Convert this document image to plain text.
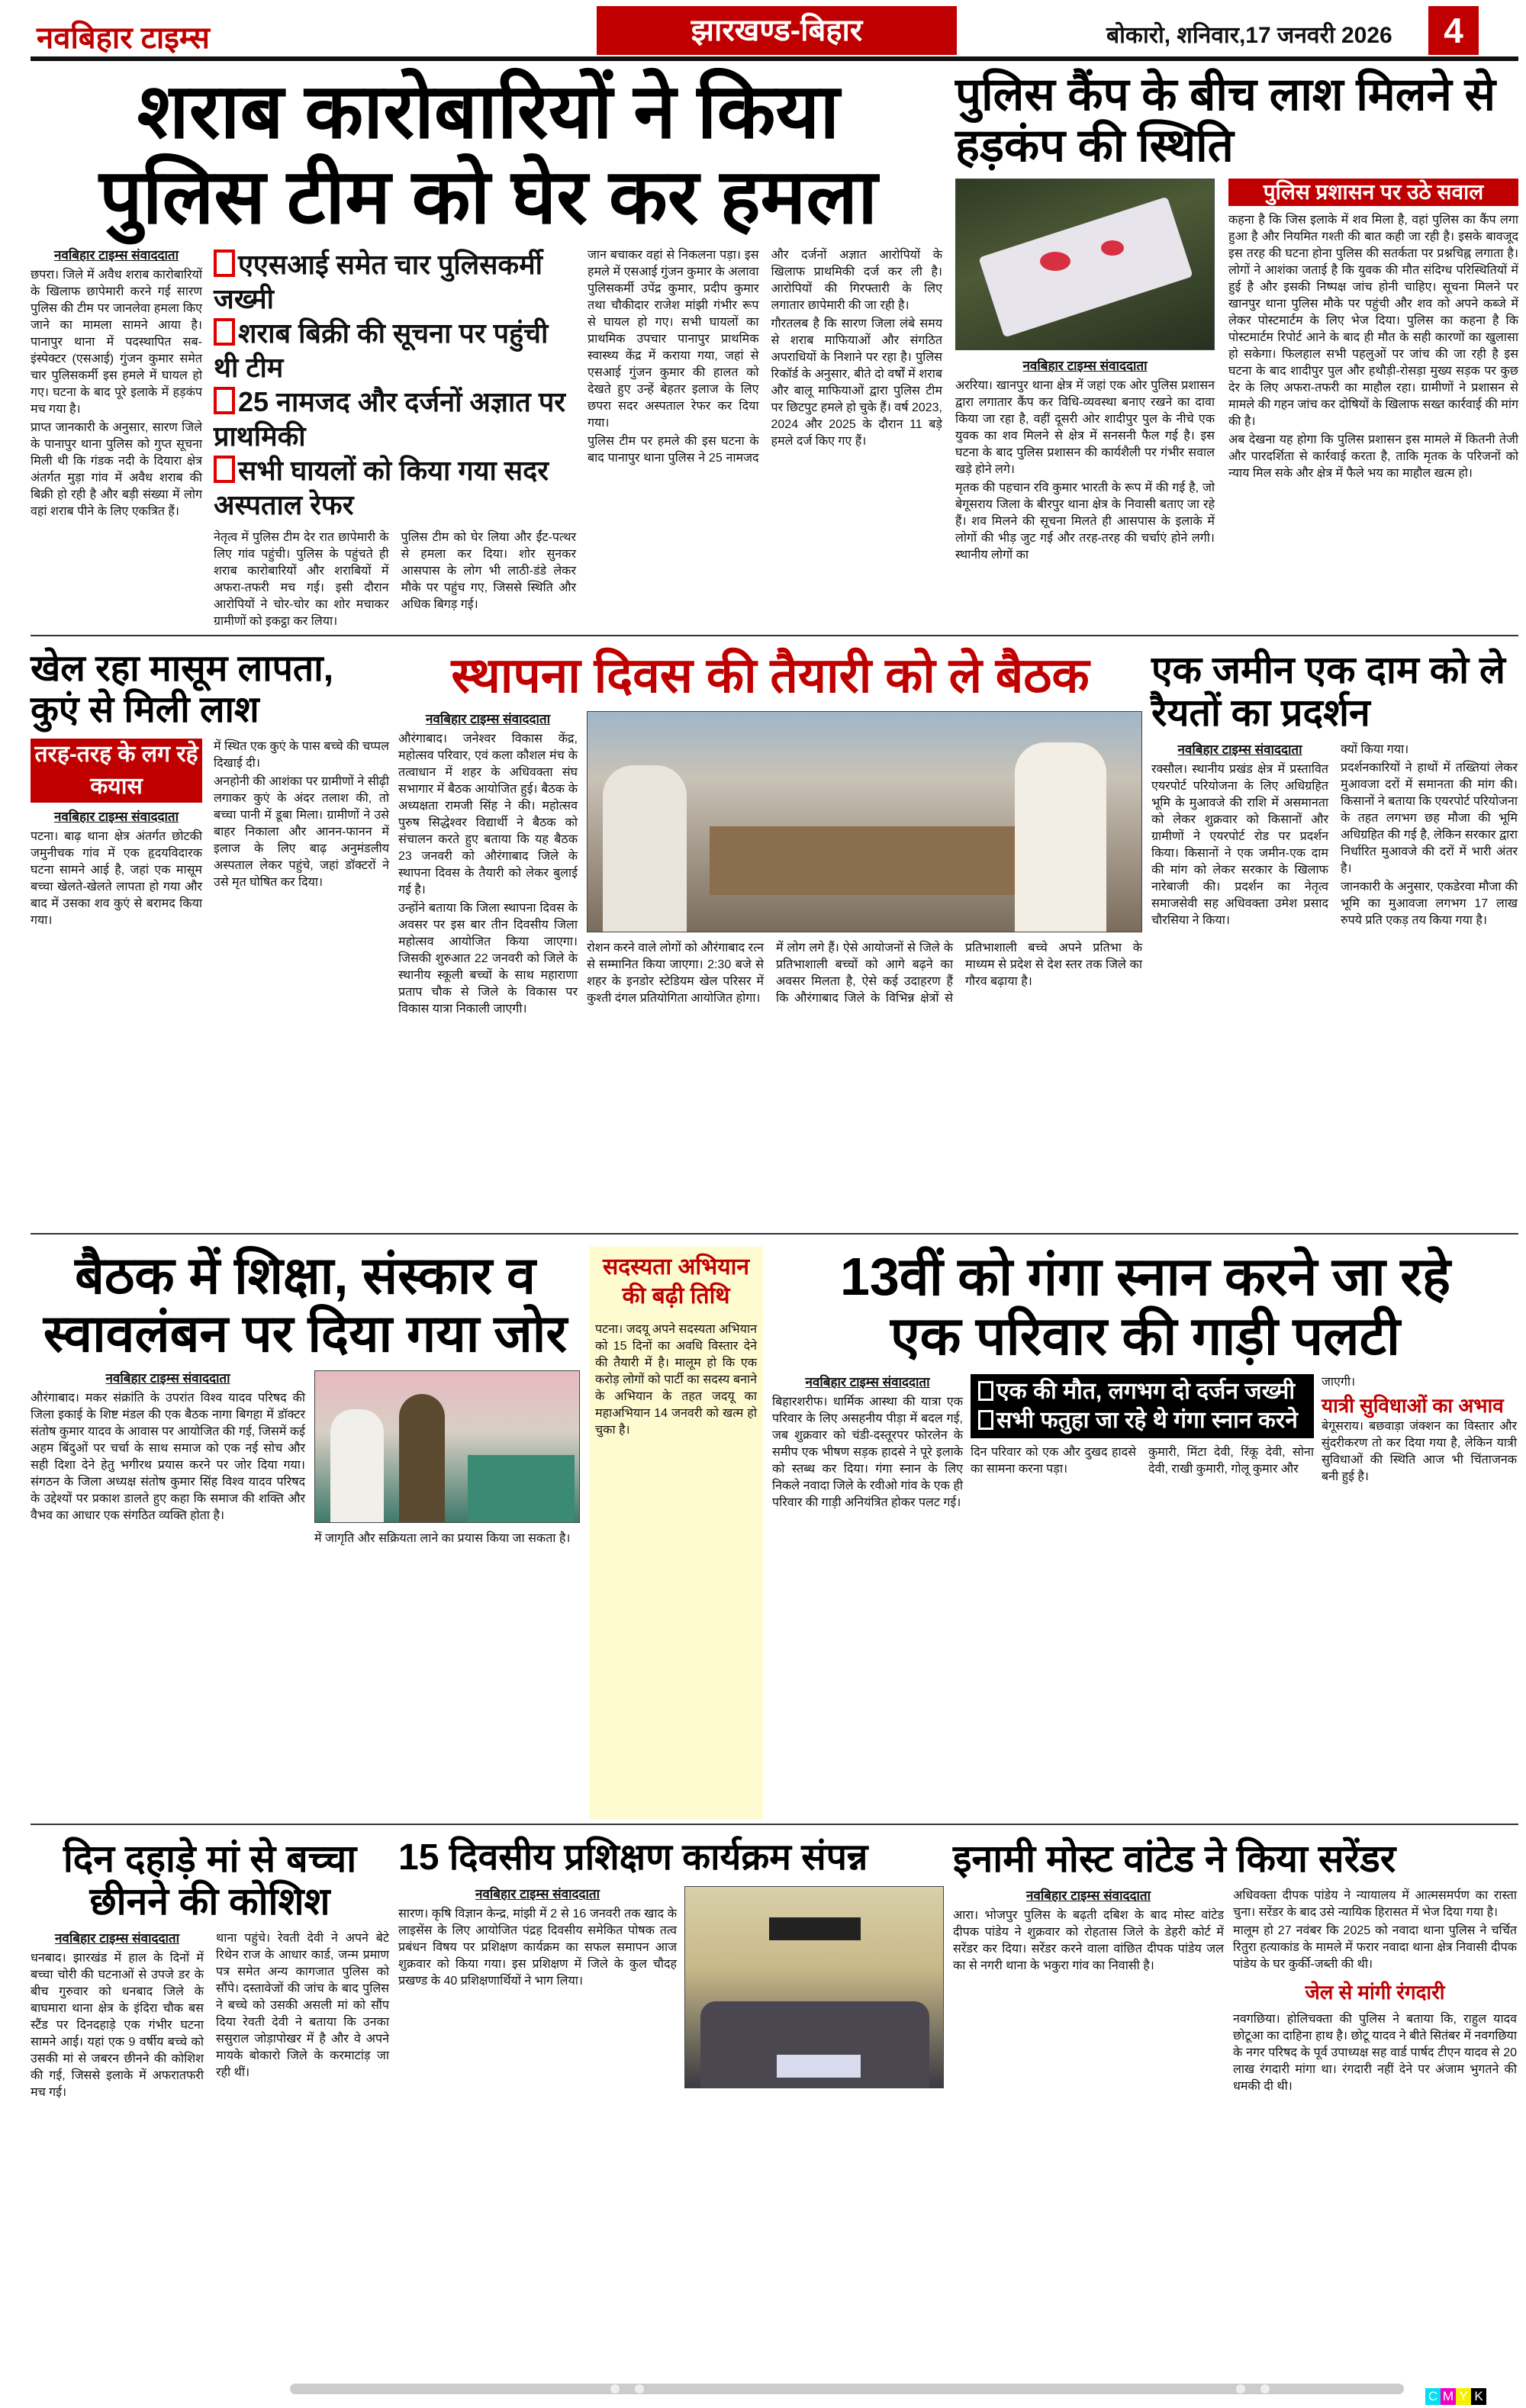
नवबिहार टाइम्स	झारखण्ड-बिहार	बोकारो, शनिवार,17 जनवरी 2026	4
शराब कारोबारियों ने किया
पुलिस टीम को घेर कर हमला
नवबिहार टाइम्स संवाददाता

छपरा। जिले में अवैध शराब कारोबारियों के खिलाफ छापेमारी करने गई सारण पुलिस की टीम पर जानलेवा हमला किए जाने का मामला सामने आया है। पानापुर थाना में पदस्थापित सब-इंस्पेक्टर (एसआई) गुंजन कुमार समेत चार पुलिसकर्मी इस हमले में घायल हो गए। घटना के बाद पूरे इलाके में हड़कंप मच गया है।

प्राप्त जानकारी के अनुसार, सारण जिले के पानापुर थाना पुलिस को गुप्त सूचना मिली थी कि गंडक नदी के दियारा क्षेत्र अंतर्गत मुड़ा गांव में अवैध शराब की बिक्री हो रही है और बड़ी संख्या में लोग वहां शराब पीने के लिए एकत्रित हैं।

एएसआई समेत चार पुलिसकर्मी जख्मी
शराब बिक्री की सूचना पर पहुंची थी टीम
25 नामजद और दर्जनों अज्ञात पर प्राथमिकी
सभी घायलों को किया गया सदर अस्पताल रेफर

नेतृत्व में पुलिस टीम देर रात छापेमारी के लिए गांव पहुंची। पुलिस के पहुंचते ही शराब कारोबारियों और शराबियों में अफरा-तफरी मच गई। इसी दौरान आरोपियों ने चोर-चोर का शोर मचाकर ग्रामीणों को इकट्ठा कर लिया।

पुलिस टीम को घेर लिया और ईंट-पत्थर से हमला कर दिया। शोर सुनकर आसपास के लोग भी लाठी-डंडे लेकर मौके पर पहुंच गए, जिससे स्थिति और अधिक बिगड़ गई।

जान बचाकर वहां से निकलना पड़ा। इस हमले में एसआई गुंजन कुमार के अलावा पुलिसकर्मी उपेंद्र कुमार, प्रदीप कुमार तथा चौकीदार राजेश मांझी गंभीर रूप से घायल हो गए। सभी घायलों का प्राथमिक उपचार पानापुर प्राथमिक स्वास्थ्य केंद्र में कराया गया, जहां से एसआई गुंजन कुमार की हालत को देखते हुए उन्हें बेहतर इलाज के लिए छपरा सदर अस्पताल रेफर कर दिया गया।

पुलिस टीम पर हमले की इस घटना के बाद पानापुर थाना पुलिस ने 25 नामजद और दर्जनों अज्ञात आरोपियों के खिलाफ प्राथमिकी दर्ज कर ली है। आरोपियों की गिरफ्तारी के लिए लगातार छापेमारी की जा रही है।

गौरतलब है कि सारण जिला लंबे समय से शराब माफियाओं और संगठित अपराधियों के निशाने पर रहा है। पुलिस रिकॉर्ड के अनुसार, बीते दो वर्षों में शराब और बालू माफियाओं द्वारा पुलिस टीम पर छिटपुट हमले हो चुके हैं। वर्ष 2023, 2024 और 2025 के दौरान 11 बड़े हमले दर्ज किए गए हैं।

पुलिस कैंप के बीच लाश मिलने से हड़कंप की स्थिति
नवबिहार टाइम्स संवाददाता

अररिया। खानपुर थाना क्षेत्र में जहां एक ओर पुलिस प्रशासन द्वारा लगातार कैंप कर विधि-व्यवस्था बनाए रखने का दावा किया जा रहा है, वहीं दूसरी ओर शादीपुर पुल के नीचे एक युवक का शव मिलने से क्षेत्र में सनसनी फैल गई है। इस घटना के बाद पुलिस प्रशासन की कार्यशैली पर गंभीर सवाल खड़े होने लगे।

मृतक की पहचान रवि कुमार भारती के रूप में की गई है, जो बेगूसराय जिला के बीरपुर थाना क्षेत्र के निवासी बताए जा रहे हैं। शव मिलने की सूचना मिलते ही आसपास के इलाके में लोगों की भीड़ जुट गई और तरह-तरह की चर्चाएं होने लगी। स्थानीय लोगों का

पुलिस प्रशासन पर उठे सवाल

कहना है कि जिस इलाके में शव मिला है, वहां पुलिस का कैंप लगा हुआ है और नियमित गश्ती की बात कही जा रही है। इसके बावजूद इस तरह की घटना होना पुलिस की सतर्कता पर प्रश्नचिह्न लगाता है। लोगों ने आशंका जताई है कि युवक की मौत संदिग्ध परिस्थितियों में हुई है और इसकी निष्पक्ष जांच होनी चाहिए। सूचना मिलने पर खानपुर थाना पुलिस मौके पर पहुंची और शव को अपने कब्जे में लेकर पोस्टमार्टम के लिए भेज दिया। पुलिस का कहना है कि पोस्टमार्टम रिपोर्ट आने के बाद ही मौत के सही कारणों का खुलासा हो सकेगा। फिलहाल सभी पहलुओं पर जांच की जा रही है इस घटना के बाद शादीपुर पुल और हथौड़ी-रोसड़ा मुख्य सड़क पर कुछ देर के लिए अफरा-तफरी का माहौल रहा। ग्रामीणों ने प्रशासन से मामले की गहन जांच कर दोषियों के खिलाफ सख्त कार्रवाई की मांग की है।

अब देखना यह होगा कि पुलिस प्रशासन इस मामले में कितनी तेजी और पारदर्शिता से कार्रवाई करता है, ताकि मृतक के परिजनों को न्याय मिल सके और क्षेत्र में फैले भय का माहौल खत्म हो।

खेल रहा मासूम लापता, कुएं से मिली लाश
तरह-तरह के लग रहे कयास
नवबिहार टाइम्स संवाददाता

पटना। बाढ़ थाना क्षेत्र अंतर्गत छोटकी जमुनीचक गांव में एक हृदयविदारक घटना सामने आई है, जहां एक मासूम बच्चा खेलते-खेलते लापता हो गया और बाद में उसका शव कुएं से बरामद किया गया।

में स्थित एक कुएं के पास बच्चे की चप्पल दिखाई दी।

अनहोनी की आशंका पर ग्रामीणों ने सीढ़ी लगाकर कुएं के अंदर तलाश की, तो बच्चा पानी में डूबा मिला। ग्रामीणों ने उसे बाहर निकाला और आनन-फानन में इलाज के लिए बाढ़ अनुमंडलीय अस्पताल लेकर पहुंचे, जहां डॉक्टरों ने उसे मृत घोषित कर दिया।

स्थापना दिवस की तैयारी को ले बैठक
नवबिहार टाइम्स संवाददाता

औरंगाबाद। जनेश्वर विकास केंद्र, महोत्सव परिवार, एवं कला कौशल मंच के तत्वाधान में शहर के अधिवक्ता संघ सभागार में बैठक आयोजित हुई। बैठक के अध्यक्षता रामजी सिंह ने की। महोत्सव पुरुष सिद्धेश्वर विद्यार्थी ने बैठक को संचालन करते हुए बताया कि यह बैठक 23 जनवरी को औरंगाबाद जिले के स्थापना दिवस के तैयारी को लेकर बुलाई गई है।

उन्होंने बताया कि जिला स्थापना दिवस के अवसर पर इस बार तीन दिवसीय जिला महोत्सव आयोजित किया जाएगा। जिसकी शुरुआत 22 जनवरी को जिले के स्थानीय स्कूली बच्चों के साथ महाराणा प्रताप चौक से जिले के विकास पर विकास यात्रा निकाली जाएगी।

रोशन करने वाले लोगों को औरंगाबाद रत्न से सम्मानित किया जाएगा। 2:30 बजे से शहर के इनडोर स्टेडियम खेल परिसर में कुश्ती दंगल प्रतियोगिता आयोजित होगा।

में लोग लगे हैं। ऐसे आयोजनों से जिले के प्रतिभाशाली बच्चों को आगे बढ़ने का अवसर मिलता है, ऐसे कई उदाहरण हैं कि औरंगाबाद जिले के विभिन्न क्षेत्रों से प्रतिभाशाली बच्चे अपने प्रतिभा के माध्यम से प्रदेश से देश स्तर तक जिले का गौरव बढ़ाया है।

एक जमीन एक दाम को ले रैयतों का प्रदर्शन
नवबिहार टाइम्स संवाददाता

रक्सौल। स्थानीय प्रखंड क्षेत्र में प्रस्तावित एयरपोर्ट परियोजना के लिए अधिग्रहित भूमि के मुआवजे की राशि में असमानता को लेकर शुक्रवार को किसानों और ग्रामीणों ने एयरपोर्ट रोड पर प्रदर्शन किया। किसानों ने एक जमीन-एक दाम की मांग को लेकर सरकार के खिलाफ नारेबाजी की। प्रदर्शन का नेतृत्व समाजसेवी सह अधिवक्ता उमेश प्रसाद चौरसिया ने किया।

क्यों किया गया।

प्रदर्शनकारियों ने हाथों में तख्तियां लेकर मुआवजा दरों में समानता की मांग की। किसानों ने बताया कि एयरपोर्ट परियोजना के तहत लगभग छह मौजा की भूमि अधिग्रहित की गई है, लेकिन सरकार द्वारा निर्धारित मुआवजे की दरों में भारी अंतर है।

जानकारी के अनुसार, एकडेरवा मौजा की भूमि का मुआवजा लगभग 17 लाख रुपये प्रति एकड़ तय किया गया है।

बैठक में शिक्षा, संस्कार व
स्वावलंबन पर दिया गया जोर
नवबिहार टाइम्स संवाददाता

औरंगाबाद। मकर संक्रांति के उपरांत विश्व यादव परिषद की जिला इकाई के शिष्ट मंडल की एक बैठक नागा बिगहा में डॉक्टर संतोष कुमार यादव के आवास पर आयोजित की गई, जिसमें कई अहम बिंदुओं पर चर्चा के साथ समाज को एक नई सोच और सही दिशा देने हेतु भगीरथ प्रयास करने पर जोर दिया गया। संगठन के जिला अध्यक्ष संतोष कुमार सिंह विश्व यादव परिषद के उद्देश्यों पर प्रकाश डालते हुए कहा कि समाज की शक्ति और वैभव का आधार एक संगठित व्यक्ति होता है।

में जागृति और सक्रियता लाने का प्रयास किया जा सकता है।

सदस्यता अभियान
की बढ़ी तिथि

पटना। जदयू अपने सदस्यता अभियान को 15 दिनों का अवधि विस्तार देने की तैयारी में है। मालूम हो कि एक करोड़ लोगों को पार्टी का सदस्य बनाने के अभियान के तहत जदयू का महाअभियान 14 जनवरी को खत्म हो चुका है।

13वीं को गंगा स्नान करने जा रहे
एक परिवार की गाड़ी पलटी
नवबिहार टाइम्स संवाददाता

बिहारशरीफ। धार्मिक आस्था की यात्रा एक परिवार के लिए असहनीय पीड़ा में बदल गई, जब शुक्रवार को चंडी-दस्तूरपर फोरलेन के समीप एक भीषण सड़क हादसे ने पूरे इलाके को स्तब्ध कर दिया। गंगा स्नान के लिए निकले नवादा जिले के रवीओ गांव के एक ही परिवार की गाड़ी अनियंत्रित होकर पलट गई।

एक की मौत, लगभग दो दर्जन जख्मी
सभी फतुहा जा रहे थे गंगा स्नान करने

दिन परिवार को एक और दुखद हादसे का सामना करना पड़ा।

कुमारी, मिंटा देवी, रिंकू देवी, सोना देवी, राखी कुमारी, गोलू कुमार और

जाएगी।

यात्री सुविधाओं का अभाव

बेगूसराय। बछवाड़ा जंक्शन का विस्तार और सुंदरीकरण तो कर दिया गया है, लेकिन यात्री सुविधाओं की स्थिति आज भी चिंताजनक बनी हुई है।

दिन दहाड़े मां से बच्चा
छीनने की कोशिश
नवबिहार टाइम्स संवाददाता

धनबाद। झारखंड में हाल के दिनों में बच्चा चोरी की घटनाओं से उपजे डर के बीच गुरुवार को धनबाद जिले के बाघमारा थाना क्षेत्र के इंदिरा चौक बस स्टैंड पर दिनदहाड़े एक गंभीर घटना सामने आई। यहां एक 9 वर्षीय बच्चे को उसकी मां से जबरन छीनने की कोशिश की गई, जिससे इलाके में अफरातफरी मच गई।

थाना पहुंचे। रेवती देवी ने अपने बेटे रिथेन राज के आधार कार्ड, जन्म प्रमाण पत्र समेत अन्य कागजात पुलिस को सौंपे। दस्तावेजों की जांच के बाद पुलिस ने बच्चे को उसकी असली मां को सौंप दिया रेवती देवी ने बताया कि उनका ससुराल जोड़ापोखर में है और वे अपने मायके बोकारो जिले के करमाटांड़ जा रही थीं।

15 दिवसीय प्रशिक्षण कार्यक्रम संपन्न
नवबिहार टाइम्स संवाददाता

सारण। कृषि विज्ञान केन्द्र, मांझी में 2 से 16 जनवरी तक खाद के लाइसेंस के लिए आयोजित पंद्रह दिवसीय समेकित पोषक तत्व प्रबंधन विषय पर प्रशिक्षण कार्यक्रम का सफल समापन आज शुक्रवार को किया गया। इस प्रशिक्षण में जिले के कुल चौदह प्रखण्ड के 40 प्रशिक्षणार्थियों ने भाग लिया।

इनामी मोस्ट वांटेड ने किया सरेंडर
नवबिहार टाइम्स संवाददाता

आरा। भोजपुर पुलिस के बढ़ती दबिश के बाद मोस्ट वांटेड दीपक पांडेय ने शुक्रवार को रोहतास जिले के डेहरी कोर्ट में सरेंडर कर दिया। सरेंडर करने वाला वांछित दीपक पांडेय जल का से नगरी थाना के भकुरा गांव का निवासी है।

अधिवक्ता दीपक पांडेय ने न्यायालय में आत्मसमर्पण का रास्ता चुना। सरेंडर के बाद उसे न्यायिक हिरासत में भेज दिया गया है।

मालूम हो 27 नवंबर कि 2025 को नवादा थाना पुलिस ने चर्चित रितुरा हत्याकांड के मामले में फरार नवादा थाना क्षेत्र निवासी दीपक पांडेय के घर कुर्की-जब्ती की थी।

जेल से मांगी रंगदारी

नवगछिया। होलिचक्ता की पुलिस ने बताया कि, राहुल यादव छोटूआ का दाहिना हाथ है। छोटू यादव ने बीते सितंबर में नवगछिया के नगर परिषद के पूर्व उपाध्यक्ष सह वार्ड पार्षद टीएन यादव से 20 लाख रंगदारी मांगा था। रंगदारी नहीं देने पर अंजाम भुगतने की धमकी दी थी।

C M Y K
